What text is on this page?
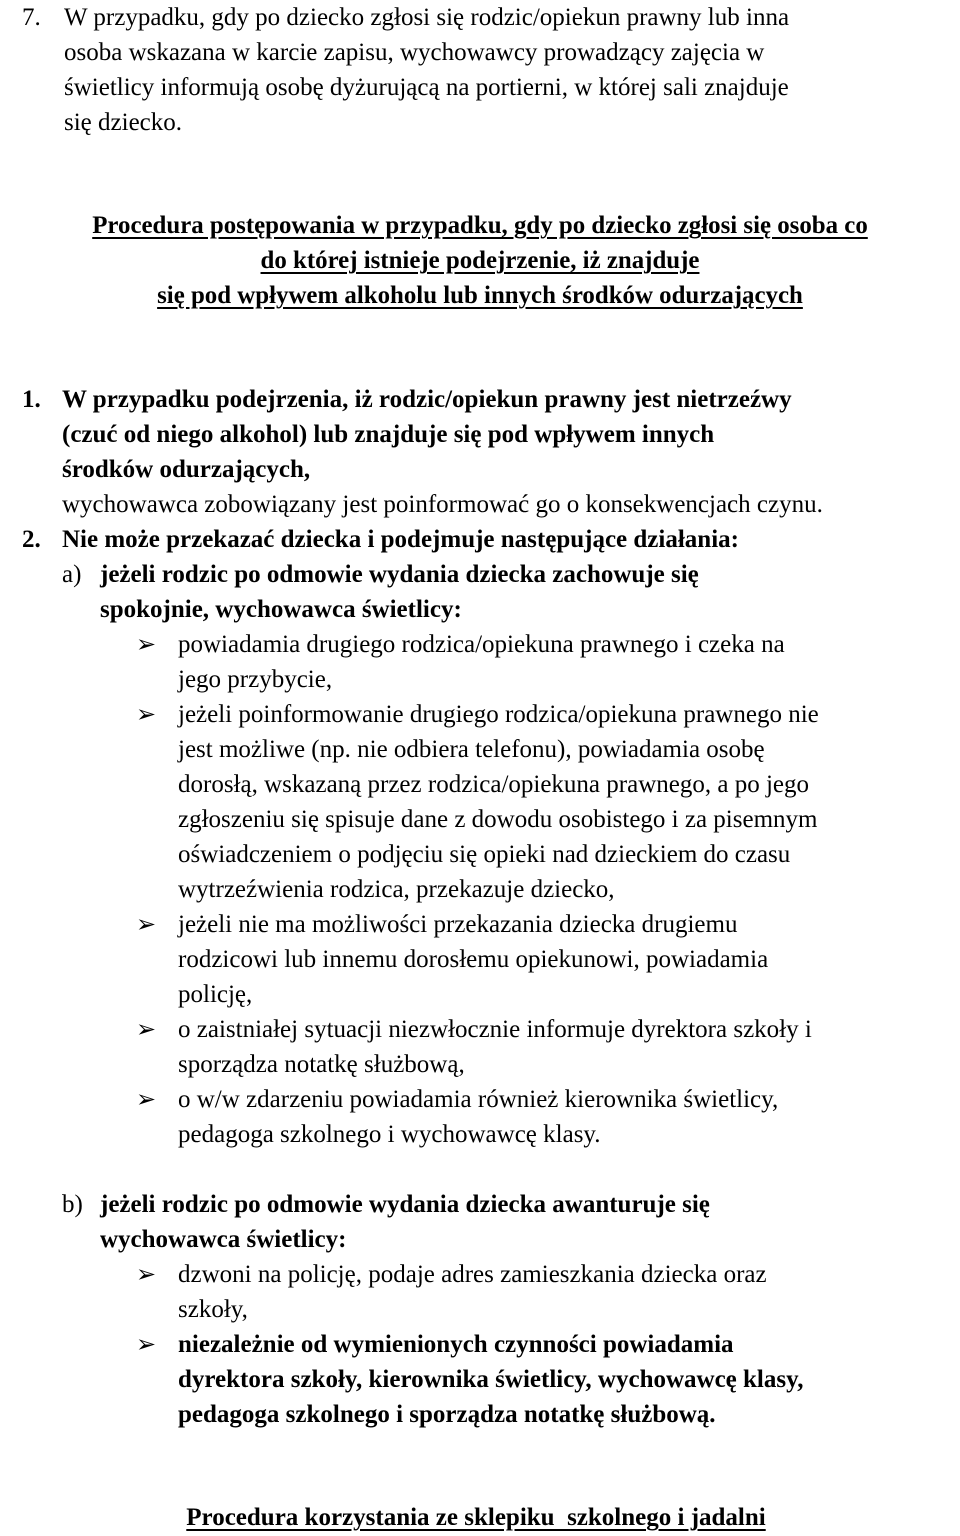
7. W przypadku, gdy po dziecko zgłosi się rodzic/opiekun prawny lub inna
osoba wskazana w karcie zapisu, wychowawcy prowadzący zajęcia w
świetlicy informują osobę dyżurującą na portierni, w której sali znajduje
się dziecko.
Procedura postępowania w przypadku, gdy po dziecko zgłosi się osoba co
do której istnieje podejrzenie, iż znajduje
się pod wpływem alkoholu lub innych środków odurzających
1. W przypadku podejrzenia, iż rodzic/opiekun prawny jest nietrzeźwy
(czuć od niego alkohol) lub znajduje się pod wpływem innych
środków odurzających,
wychowawca zobowiązany jest poinformować go o konsekwencjach czynu.
2. Nie może przekazać dziecka i podejmuje następujące działania:
a) jeżeli rodzic po odmowie wydania dziecka zachowuje się
spokojnie, wychowawca świetlicy:
➢ powiadamia drugiego rodzica/opiekuna prawnego i czeka na
jego przybycie,
➢ jeżeli poinformowanie drugiego rodzica/opiekuna prawnego nie
jest możliwe (np. nie odbiera telefonu), powiadamia osobę
dorosłą, wskazaną przez rodzica/opiekuna prawnego, a po jego
zgłoszeniu się spisuje dane z dowodu osobistego i za pisemnym
oświadczeniem o podjęciu się opieki nad dzieckiem do czasu
wytrzeźwienia rodzica, przekazuje dziecko,
➢ jeżeli nie ma możliwości przekazania dziecka drugiemu
rodzicowi lub innemu dorosłemu opiekunowi, powiadamia
policję,
➢ o zaistniałej sytuacji niezwłocznie informuje dyrektora szkoły i
sporządza notatkę służbową,
➢ o w/w zdarzeniu powiadamia również kierownika świetlicy,
pedagoga szkolnego i wychowawcę klasy.
b) jeżeli rodzic po odmowie wydania dziecka awanturuje się
wychowawca świetlicy:
➢ dzwoni na policję, podaje adres zamieszkania dziecka oraz
szkoły,
➢ niezależnie od wymienionych czynności powiadamia
dyrektora szkoły, kierownika świetlicy, wychowawcę klasy,
pedagoga szkolnego i sporządza notatkę służbową.
Procedura korzystania ze sklepiku  szkolnego i jadalni
